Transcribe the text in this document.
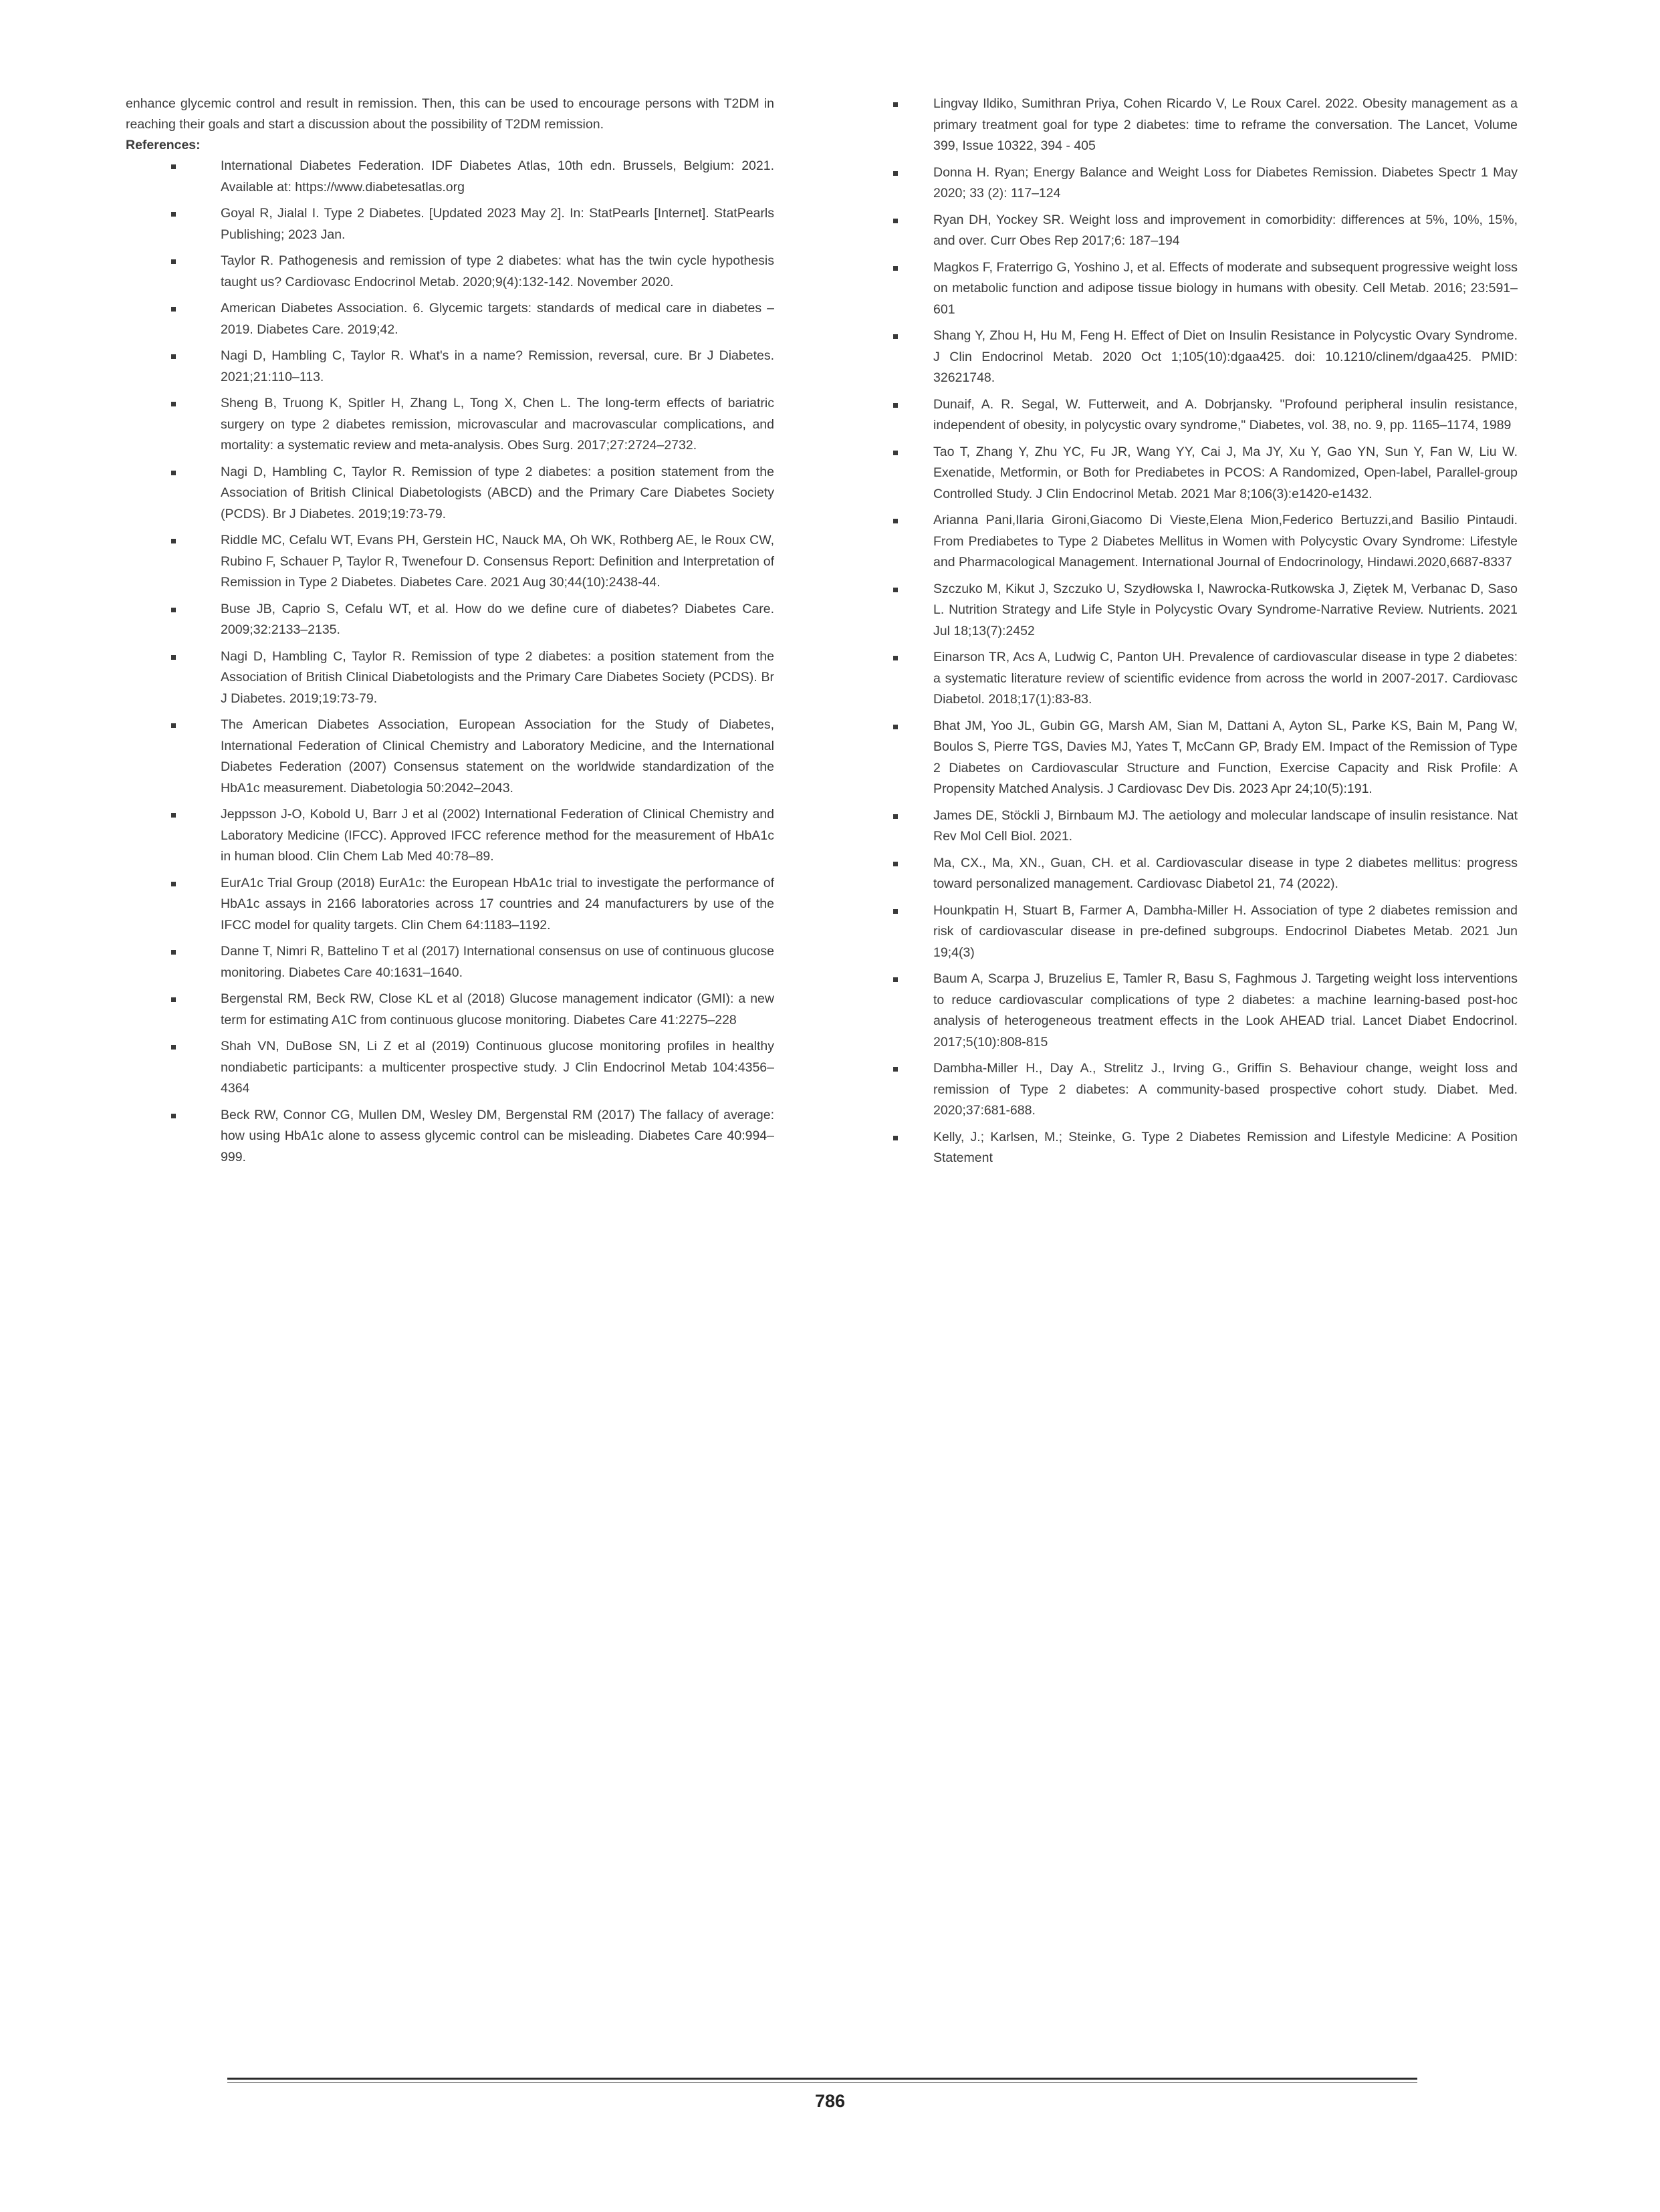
enhance glycemic control and result in remission. Then, this can be used to encourage persons with T2DM in reaching their goals and start a discussion about the possibility of T2DM remission.

References:

International Diabetes Federation. IDF Diabetes Atlas, 10th edn. Brussels, Belgium: 2021. Available at: https://www.diabetesatlas.org
Goyal R, Jialal I. Type 2 Diabetes. [Updated 2023 May 2]. In: StatPearls [Internet]. StatPearls Publishing; 2023 Jan.
Taylor R. Pathogenesis and remission of type 2 diabetes: what has the twin cycle hypothesis taught us? Cardiovasc Endocrinol Metab. 2020;9(4):132-142. November 2020.
American Diabetes Association. 6. Glycemic targets: standards of medical care in diabetes – 2019. Diabetes Care. 2019;42.
Nagi D, Hambling C, Taylor R. What's in a name? Remission, reversal, cure. Br J Diabetes. 2021;21:110–113.
Sheng B, Truong K, Spitler H, Zhang L, Tong X, Chen L. The long-term effects of bariatric surgery on type 2 diabetes remission, microvascular and macrovascular complications, and mortality: a systematic review and meta-analysis. Obes Surg. 2017;27:2724–2732.
Nagi D, Hambling C, Taylor R. Remission of type 2 diabetes: a position statement from the Association of British Clinical Diabetologists (ABCD) and the Primary Care Diabetes Society (PCDS). Br J Diabetes. 2019;19:73-79.
Riddle MC, Cefalu WT, Evans PH, Gerstein HC, Nauck MA, Oh WK, Rothberg AE, le Roux CW, Rubino F, Schauer P, Taylor R, Twenefour D. Consensus Report: Definition and Interpretation of Remission in Type 2 Diabetes. Diabetes Care. 2021 Aug 30;44(10):2438-44.
Buse JB, Caprio S, Cefalu WT, et al. How do we define cure of diabetes? Diabetes Care. 2009;32:2133–2135.
Nagi D, Hambling C, Taylor R. Remission of type 2 diabetes: a position statement from the Association of British Clinical Diabetologists and the Primary Care Diabetes Society (PCDS). Br J Diabetes. 2019;19:73-79.
The American Diabetes Association, European Association for the Study of Diabetes, International Federation of Clinical Chemistry and Laboratory Medicine, and the International Diabetes Federation (2007) Consensus statement on the worldwide standardization of the HbA1c measurement. Diabetologia 50:2042–2043.
Jeppsson J-O, Kobold U, Barr J et al (2002) International Federation of Clinical Chemistry and Laboratory Medicine (IFCC). Approved IFCC reference method for the measurement of HbA1c in human blood. Clin Chem Lab Med 40:78–89.
EurA1c Trial Group (2018) EurA1c: the European HbA1c trial to investigate the performance of HbA1c assays in 2166 laboratories across 17 countries and 24 manufacturers by use of the IFCC model for quality targets. Clin Chem 64:1183–1192.
Danne T, Nimri R, Battelino T et al (2017) International consensus on use of continuous glucose monitoring. Diabetes Care 40:1631–1640.
Bergenstal RM, Beck RW, Close KL et al (2018) Glucose management indicator (GMI): a new term for estimating A1C from continuous glucose monitoring. Diabetes Care 41:2275–228
Shah VN, DuBose SN, Li Z et al (2019) Continuous glucose monitoring profiles in healthy nondiabetic participants: a multicenter prospective study. J Clin Endocrinol Metab 104:4356–4364
Beck RW, Connor CG, Mullen DM, Wesley DM, Bergenstal RM (2017) The fallacy of average: how using HbA1c alone to assess glycemic control can be misleading. Diabetes Care 40:994–999.
Lingvay Ildiko, Sumithran Priya, Cohen Ricardo V, Le Roux Carel. 2022. Obesity management as a primary treatment goal for type 2 diabetes: time to reframe the conversation. The Lancet, Volume 399, Issue 10322, 394 - 405
Donna H. Ryan; Energy Balance and Weight Loss for Diabetes Remission. Diabetes Spectr 1 May 2020; 33 (2): 117–124
Ryan DH, Yockey SR. Weight loss and improvement in comorbidity: differences at 5%, 10%, 15%, and over. Curr Obes Rep 2017;6: 187–194
Magkos F, Fraterrigo G, Yoshino J, et al. Effects of moderate and subsequent progressive weight loss on metabolic function and adipose tissue biology in humans with obesity. Cell Metab. 2016; 23:591–601
Shang Y, Zhou H, Hu M, Feng H. Effect of Diet on Insulin Resistance in Polycystic Ovary Syndrome. J Clin Endocrinol Metab. 2020 Oct 1;105(10):dgaa425. doi: 10.1210/clinem/dgaa425. PMID: 32621748.
Dunaif, A. R. Segal, W. Futterweit, and A. Dobrjansky. "Profound peripheral insulin resistance, independent of obesity, in polycystic ovary syndrome," Diabetes, vol. 38, no. 9, pp. 1165–1174, 1989
Tao T, Zhang Y, Zhu YC, Fu JR, Wang YY, Cai J, Ma JY, Xu Y, Gao YN, Sun Y, Fan W, Liu W. Exenatide, Metformin, or Both for Prediabetes in PCOS: A Randomized, Open-label, Parallel-group Controlled Study. J Clin Endocrinol Metab. 2021 Mar 8;106(3):e1420-e1432.
Arianna Pani,Ilaria Gironi,Giacomo Di Vieste,Elena Mion,Federico Bertuzzi,and Basilio Pintaudi. From Prediabetes to Type 2 Diabetes Mellitus in Women with Polycystic Ovary Syndrome: Lifestyle and Pharmacological Management. International Journal of Endocrinology, Hindawi.2020,6687-8337
Szczuko M, Kikut J, Szczuko U, Szydłowska I, Nawrocka-Rutkowska J, Ziętek M, Verbanac D, Saso L. Nutrition Strategy and Life Style in Polycystic Ovary Syndrome-Narrative Review. Nutrients. 2021 Jul 18;13(7):2452
Einarson TR, Acs A, Ludwig C, Panton UH. Prevalence of cardiovascular disease in type 2 diabetes: a systematic literature review of scientific evidence from across the world in 2007-2017. Cardiovasc Diabetol. 2018;17(1):83-83.
Bhat JM, Yoo JL, Gubin GG, Marsh AM, Sian M, Dattani A, Ayton SL, Parke KS, Bain M, Pang W, Boulos S, Pierre TGS, Davies MJ, Yates T, McCann GP, Brady EM. Impact of the Remission of Type 2 Diabetes on Cardiovascular Structure and Function, Exercise Capacity and Risk Profile: A Propensity Matched Analysis. J Cardiovasc Dev Dis. 2023 Apr 24;10(5):191.
James DE, Stöckli J, Birnbaum MJ. The aetiology and molecular landscape of insulin resistance. Nat Rev Mol Cell Biol. 2021.
Ma, CX., Ma, XN., Guan, CH. et al. Cardiovascular disease in type 2 diabetes mellitus: progress toward personalized management. Cardiovasc Diabetol 21, 74 (2022).
Hounkpatin H, Stuart B, Farmer A, Dambha-Miller H. Association of type 2 diabetes remission and risk of cardiovascular disease in pre-defined subgroups. Endocrinol Diabetes Metab. 2021 Jun 19;4(3)
Baum A, Scarpa J, Bruzelius E, Tamler R, Basu S, Faghmous J. Targeting weight loss interventions to reduce cardiovascular complications of type 2 diabetes: a machine learning-based post-hoc analysis of heterogeneous treatment effects in the Look AHEAD trial. Lancet Diabet Endocrinol. 2017;5(10):808-815
Dambha-Miller H., Day A., Strelitz J., Irving G., Griffin S. Behaviour change, weight loss and remission of Type 2 diabetes: A community-based prospective cohort study. Diabet. Med. 2020;37:681-688.
Kelly, J.; Karlsen, M.; Steinke, G. Type 2 Diabetes Remission and Lifestyle Medicine: A Position Statement
786
